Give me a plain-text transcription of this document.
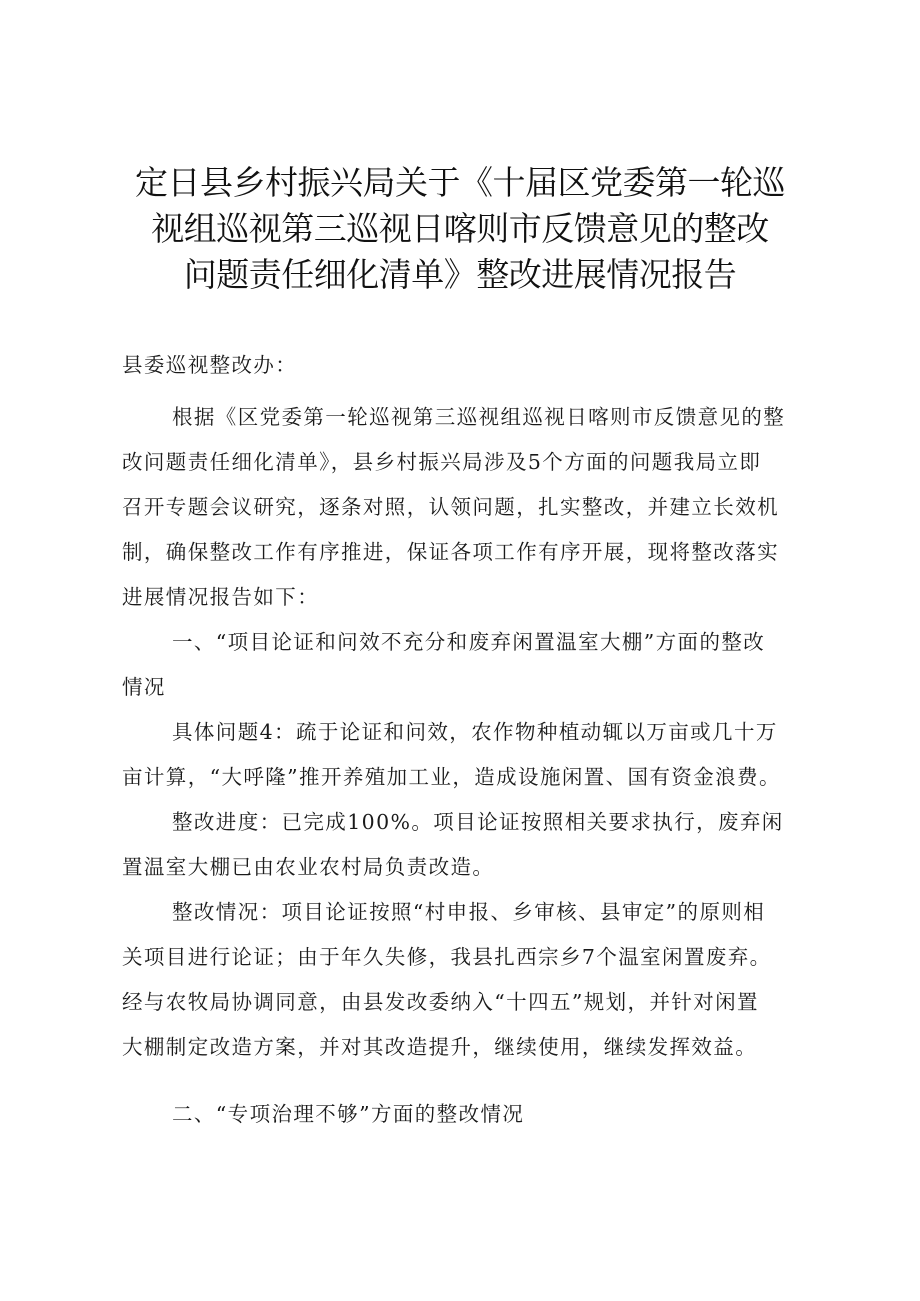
定日县乡村振兴局关于《十届区党委第一轮巡
视组巡视第三巡视日喀则市反馈意见的整改
问题责任细化清单》整改进展情况报告
县委巡视整改办：
根据《区党委第一轮巡视第三巡视组巡视日喀则市反馈意见的整
改问题责任细化清单》，县乡村振兴局涉及5个方面的问题我局立即
召开专题会议研究，逐条对照，认领问题，扎实整改，并建立长效机
制，确保整改工作有序推进，保证各项工作有序开展，现将整改落实
进展情况报告如下：
一、“项目论证和问效不充分和废弃闲置温室大棚”方面的整改
情况
具体问题4：疏于论证和问效，农作物种植动辄以万亩或几十万
亩计算，“大呼隆”推开养殖加工业，造成设施闲置、国有资金浪费。
整改进度：已完成100%。项目论证按照相关要求执行，废弃闲
置温室大棚已由农业农村局负责改造。
整改情况：项目论证按照“村申报、乡审核、县审定”的原则相
关项目进行论证；由于年久失修，我县扎西宗乡7个温室闲置废弃。
经与农牧局协调同意，由县发改委纳入“十四五”规划，并针对闲置
大棚制定改造方案，并对其改造提升，继续使用，继续发挥效益。
二、“专项治理不够”方面的整改情况
